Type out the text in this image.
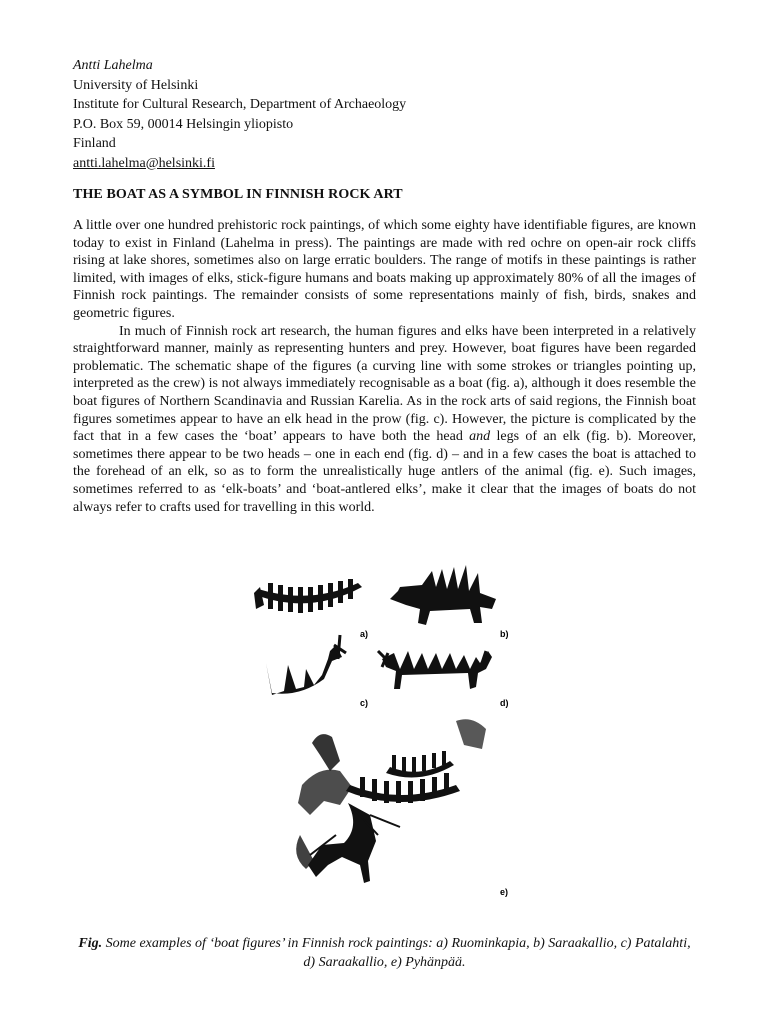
Antti Lahelma
University of Helsinki
Institute for Cultural Research, Department of Archaeology
P.O. Box 59, 00014 Helsingin yliopisto
Finland
antti.lahelma@helsinki.fi
THE BOAT AS A SYMBOL IN FINNISH ROCK ART

A little over one hundred prehistoric rock paintings, of which some eighty have identifiable figures, are known today to exist in Finland (Lahelma in press). The paintings are made with red ochre on open-air rock cliffs rising at lake shores, sometimes also on large erratic boulders. The range of motifs in these paintings is rather limited, with images of elks, stick-figure humans and boats making up approximately 80% of all the images of Finnish rock paintings. The remainder consists of some representations mainly of fish, birds, snakes and geometric figures.

In much of Finnish rock art research, the human figures and elks have been interpreted in a relatively straightforward manner, mainly as representing hunters and prey. However, boat figures have been regarded problematic. The schematic shape of the figures (a curving line with some strokes or triangles pointing up, interpreted as the crew) is not always immediately recognisable as a boat (fig. a), although it does resemble the boat figures of Northern Scandinavia and Russian Karelia. As in the rock arts of said regions, the Finnish boat figures sometimes appear to have an elk head in the prow (fig. c). However, the picture is complicated by the fact that in a few cases the ‘boat’ appears to have both the head and legs of an elk (fig. b). Moreover, sometimes there appear to be two heads – one in each end (fig. d) – and in a few cases the boat is attached to the forehead of an elk, so as to form the unrealistically huge antlers of the animal (fig. e). Such images, sometimes referred to as ‘elk-boats’ and ‘boat-antlered elks’, make it clear that the images of boats do not always refer to crafts used for travelling in this world.

a)	b)
c)	d)
e)
Fig. Some examples of ‘boat figures’ in Finnish rock paintings: a) Ruominkapia, b) Saraakallio, c) Patalahti, d) Saraakallio, e) Pyhänpää.
